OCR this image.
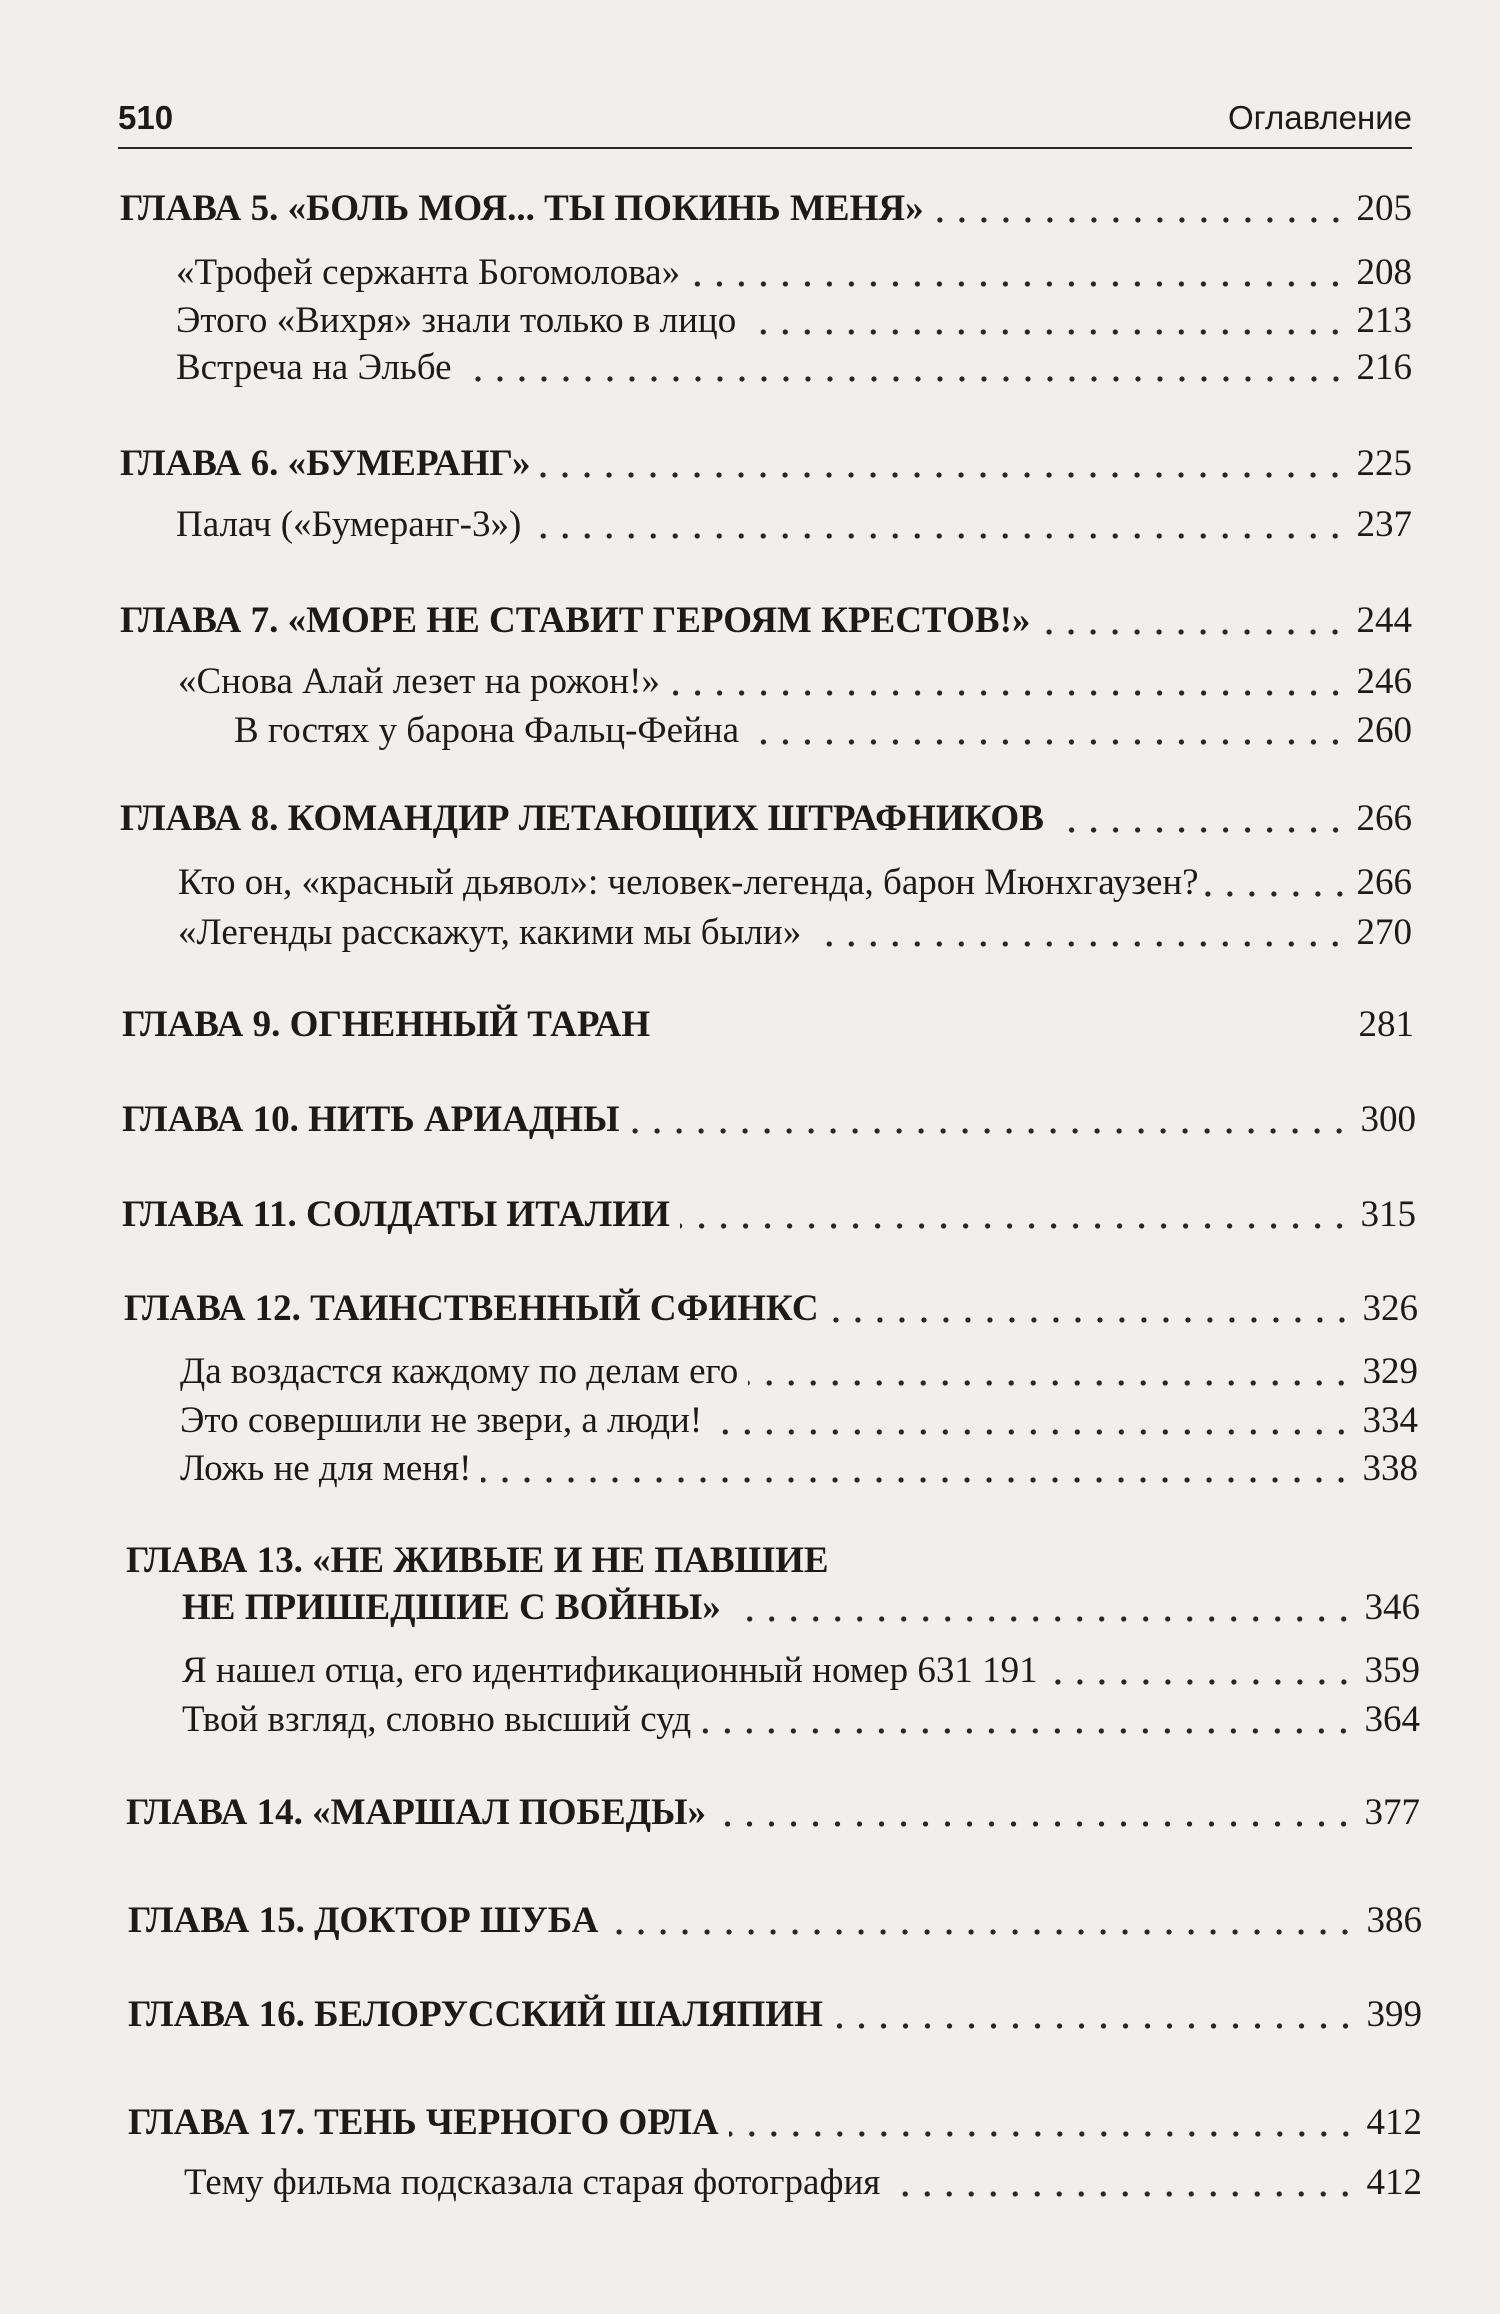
510	Оглавление
ГЛАВА 5. «БОЛЬ МОЯ... ТЫ ПОКИНЬ МЕНЯ»	205
«Трофей сержанта Богомолова»	208
Этого «Вихря» знали только в лицо	213
Встреча на Эльбе	216
ГЛАВА 6. «БУМЕРАНГ»	225
Палач («Бумеранг-3»)	237
ГЛАВА 7. «МОРЕ НЕ СТАВИТ ГЕРОЯМ КРЕСТОВ!»	244
«Снова Алай лезет на рожон!»	246
В гостях у барона Фальц-Фейна	260
ГЛАВА 8. КОМАНДИР ЛЕТАЮЩИХ ШТРАФНИКОВ	266
Кто он, «красный дьявол»: человек-легенда, барон Мюнхгаузен?	266
«Легенды расскажут, какими мы были»	270
ГЛАВА 9. ОГНЕННЫЙ ТАРАН	281
ГЛАВА 10. НИТЬ АРИАДНЫ	300
ГЛАВА 11. СОЛДАТЫ ИТАЛИИ	315
ГЛАВА 12. ТАИНСТВЕННЫЙ СФИНКС	326
Да воздастся каждому по делам его	329
Это совершили не звери, а люди!	334
Ложь не для меня!	338
ГЛАВА 13. «НЕ ЖИВЫЕ И НЕ ПАВШИЕ
НЕ ПРИШЕДШИЕ С ВОЙНЫ»	346
Я нашел отца, его идентификационный номер 631 191	359
Твой взгляд, словно высший суд	364
ГЛАВА 14. «МАРШАЛ ПОБЕДЫ»	377
ГЛАВА 15. ДОКТОР ШУБА	386
ГЛАВА 16. БЕЛОРУССКИЙ ШАЛЯПИН	399
ГЛАВА 17. ТЕНЬ ЧЕРНОГО ОРЛА	412
Тему фильма подсказала старая фотография	412
